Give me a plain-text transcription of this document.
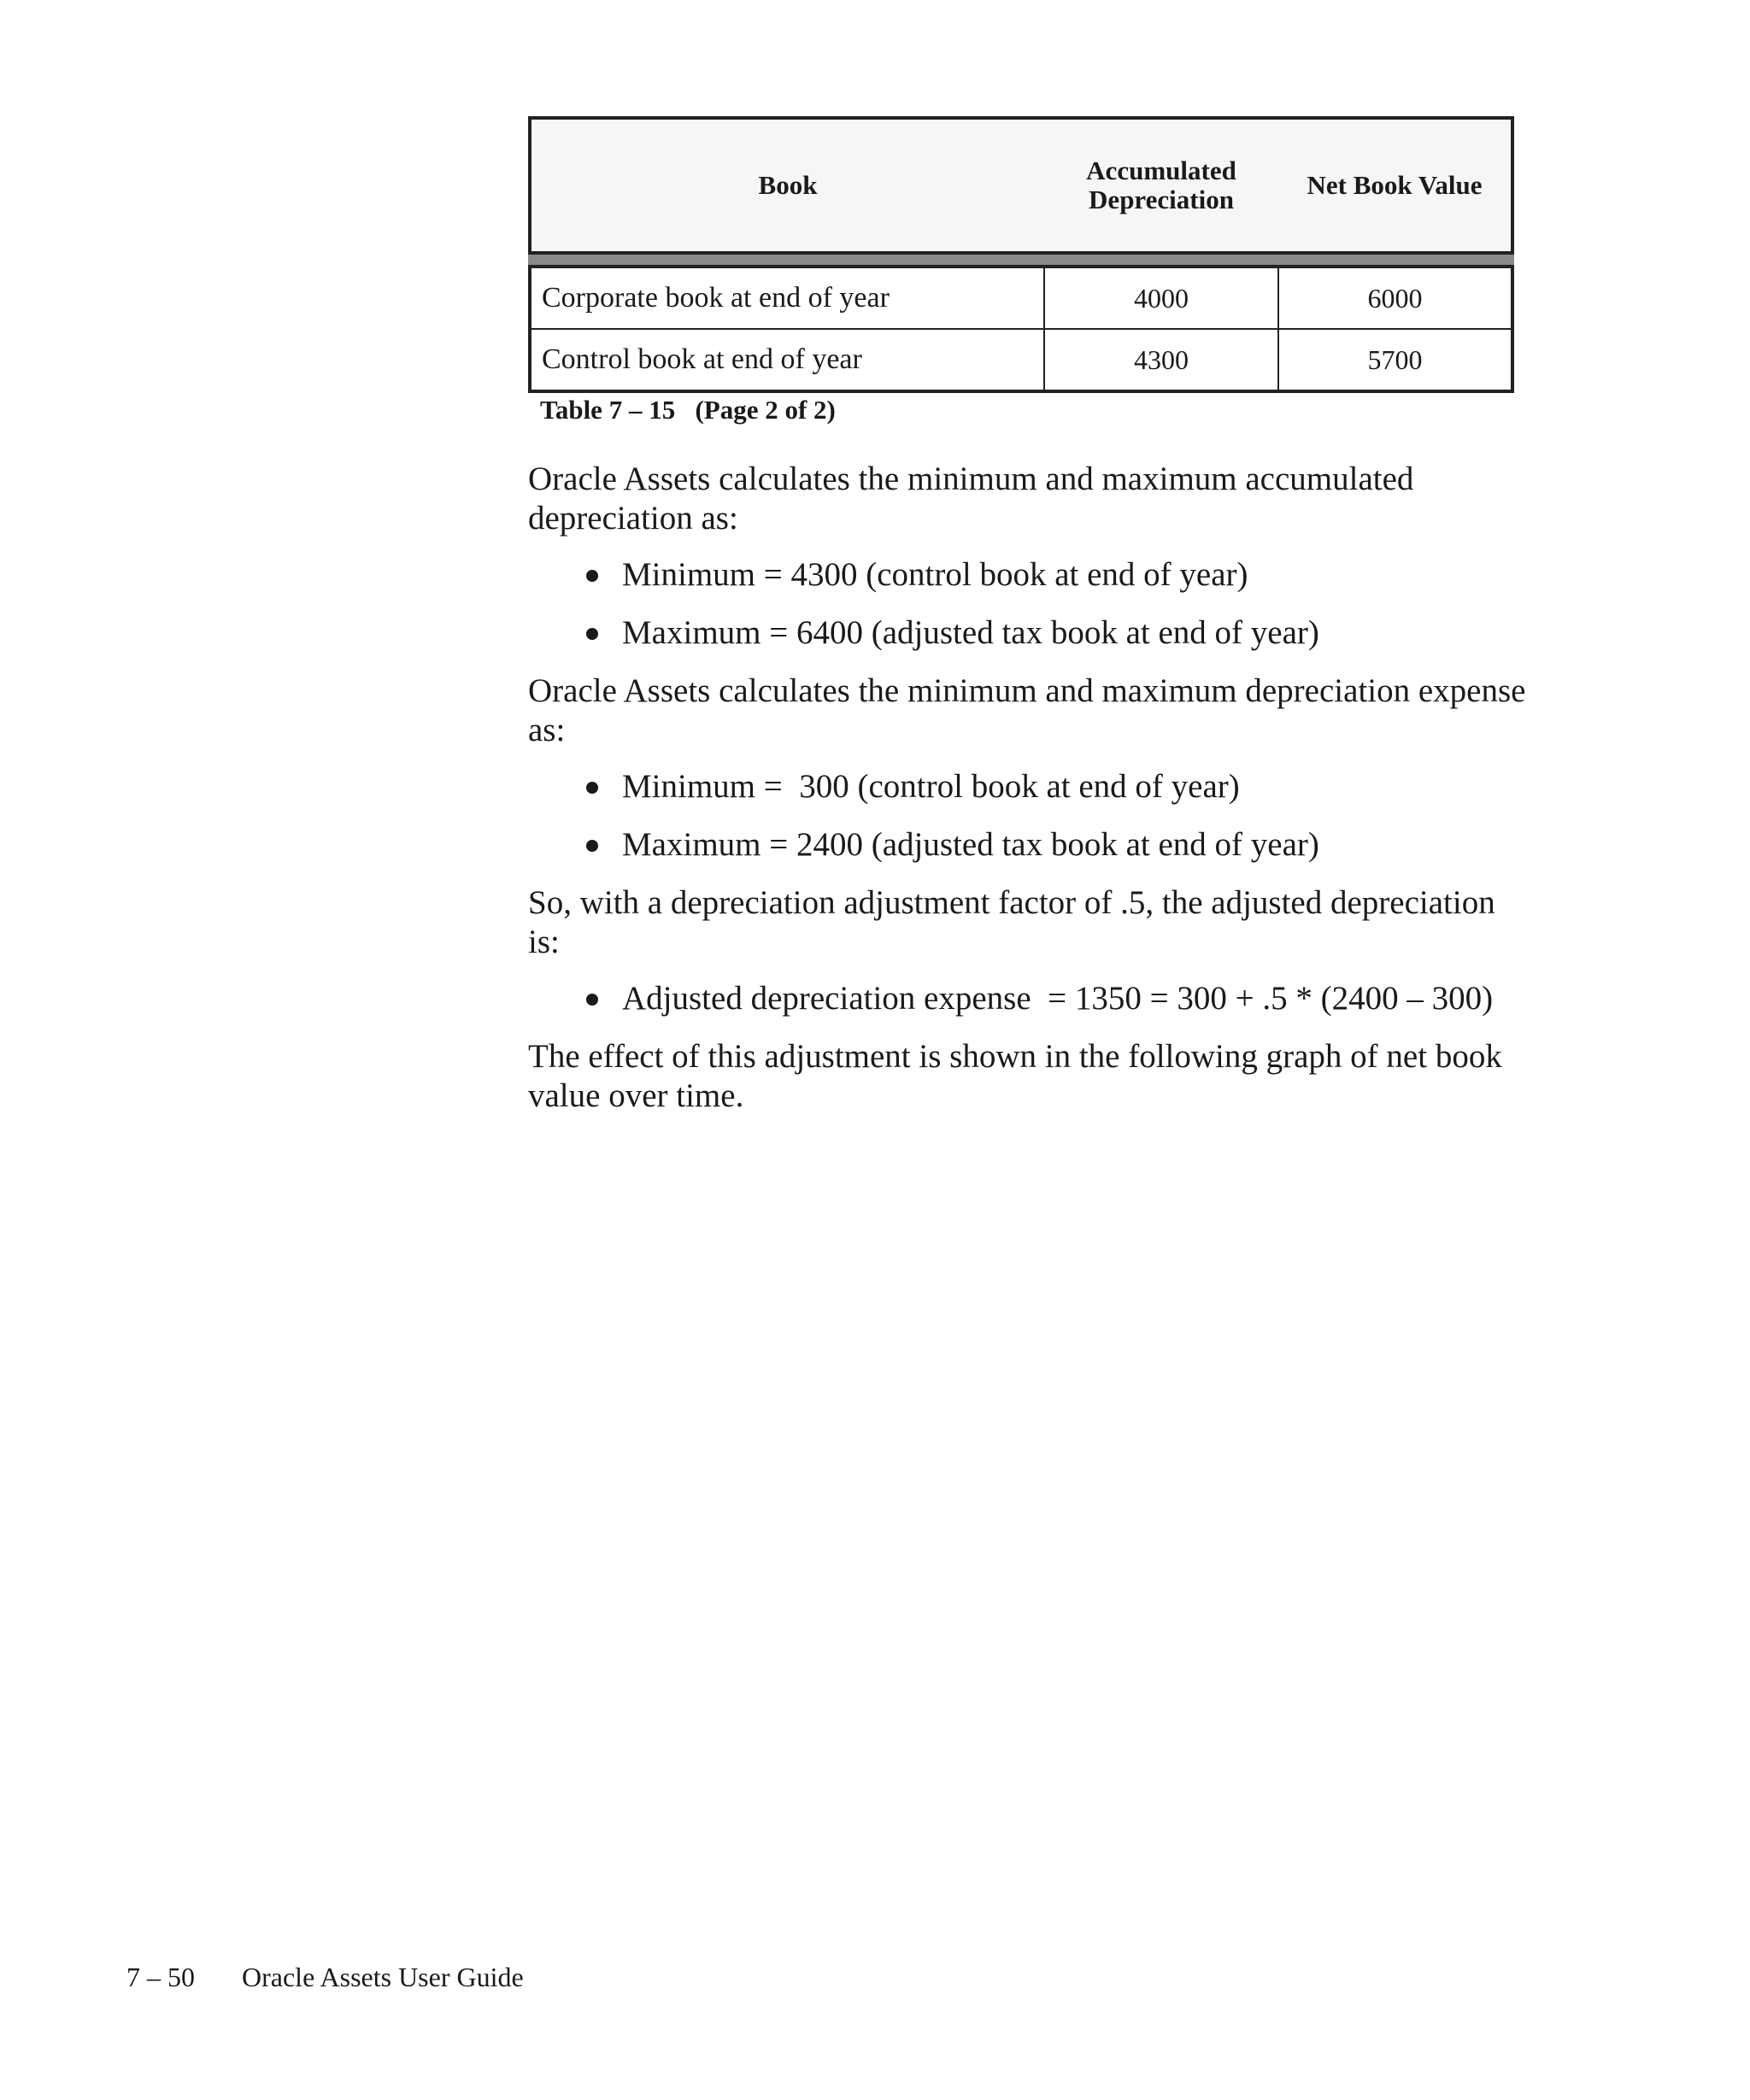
Book	Accumulated Depreciation	Net Book Value
Corporate book at end of year	4000	6000
Control book at end of year	4300	5700
Table 7 – 15   (Page 2 of 2)

Oracle Assets calculates the minimum and maximum accumulated depreciation as:

Minimum = 4300 (control book at end of year)
Maximum = 6400 (adjusted tax book at end of year)

Oracle Assets calculates the minimum and maximum depreciation expense as:

Minimum =  300 (control book at end of year)
Maximum = 2400 (adjusted tax book at end of year)

So, with a depreciation adjustment factor of .5, the adjusted depreciation is:

Adjusted depreciation expense  = 1350 = 300 + .5 * (2400 – 300)

The effect of this adjustment is shown in the following graph of net book value over time.

7 – 50	Oracle Assets User Guide
